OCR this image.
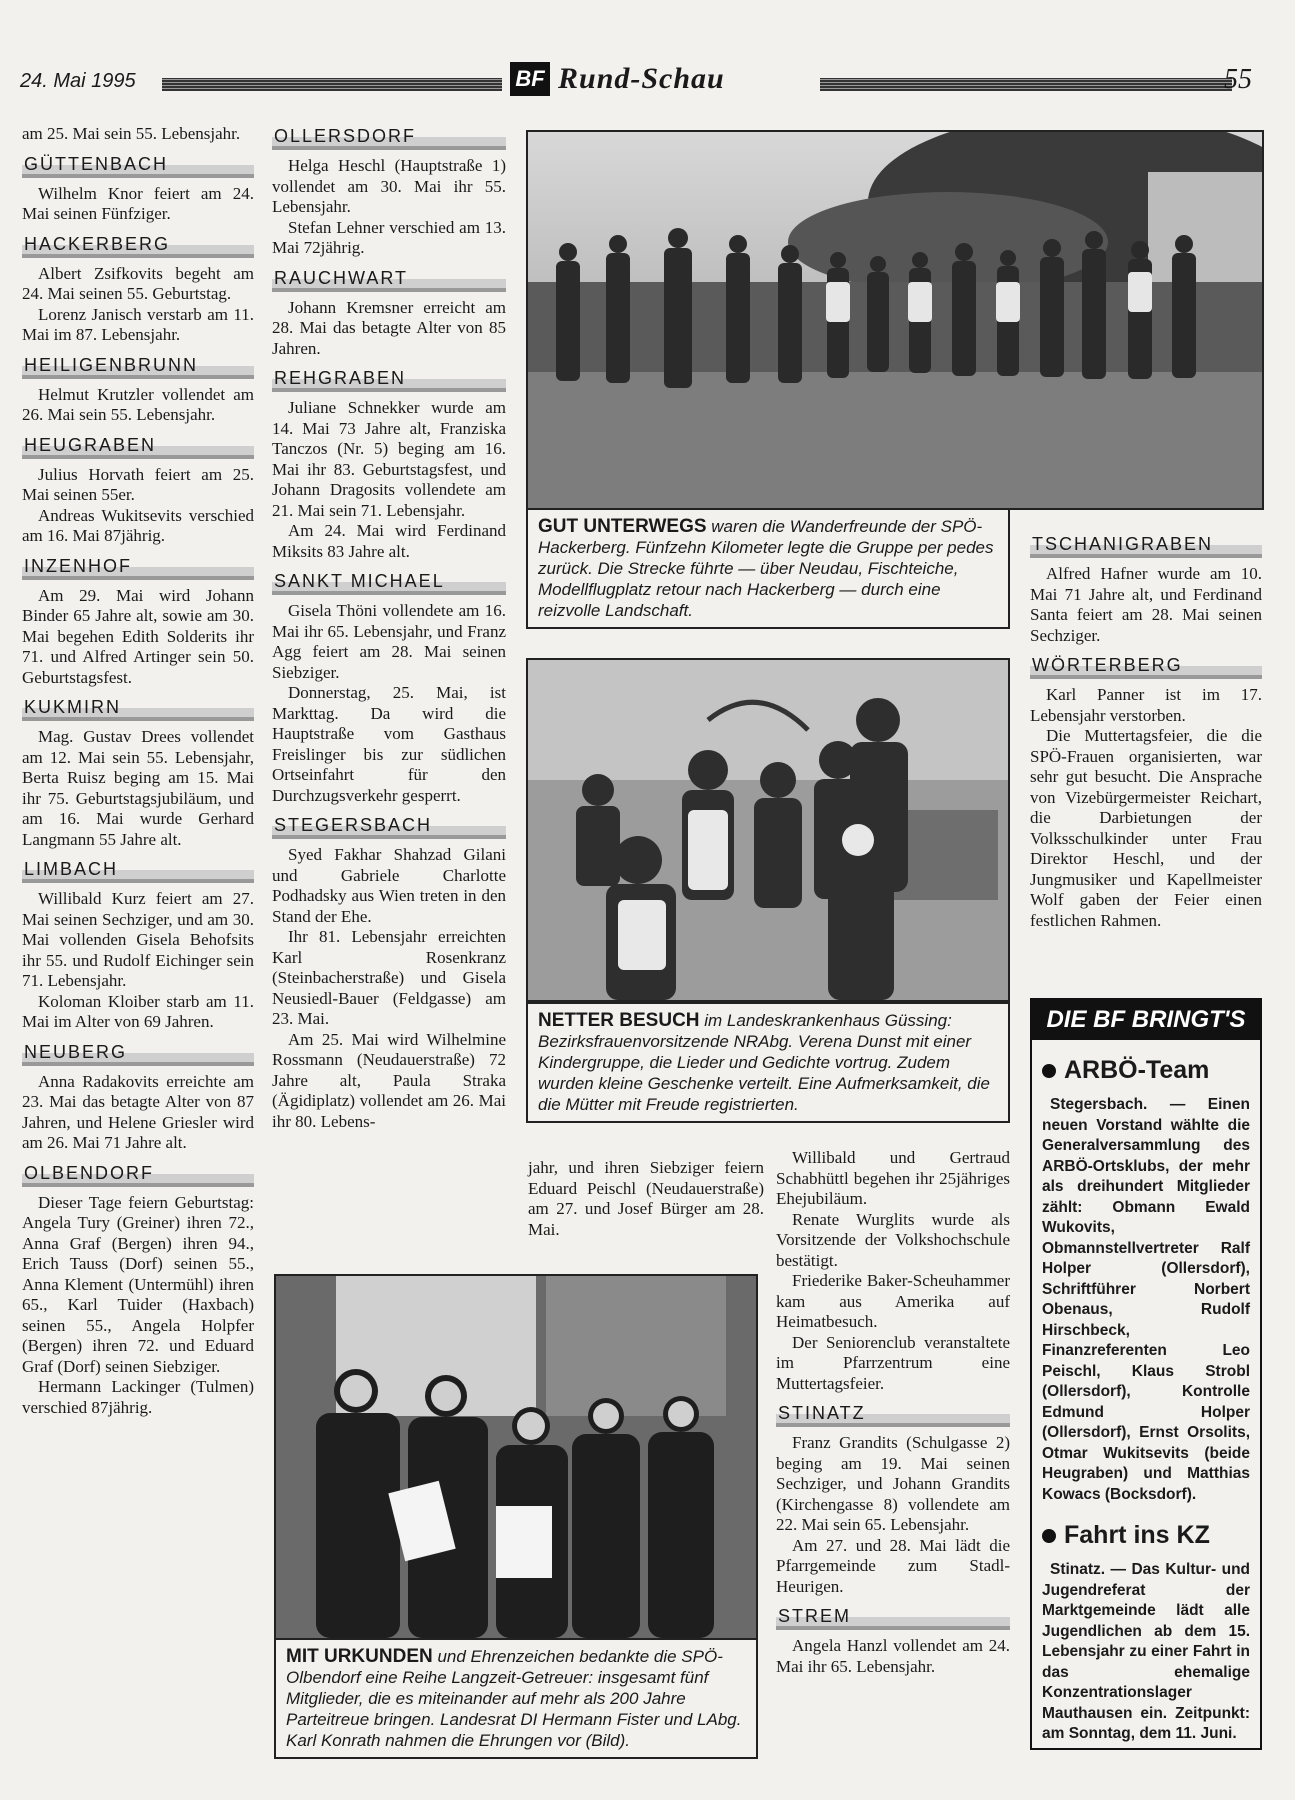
24. Mai 1995	BF Rund-Schau	55

am 25. Mai sein 55. Lebensjahr.

GÜTTENBACH

Wilhelm Knor feiert am 24. Mai seinen Fünfziger.

HACKERBERG

Albert Zsifkovits begeht am 24. Mai seinen 55. Geburtstag.

Lorenz Janisch verstarb am 11. Mai im 87. Lebensjahr.

HEILIGENBRUNN

Helmut Krutzler vollendet am 26. Mai sein 55. Lebensjahr.

HEUGRABEN

Julius Horvath feiert am 25. Mai seinen 55er.

Andreas Wukitsevits verschied am 16. Mai 87jährig.

INZENHOF

Am 29. Mai wird Johann Binder 65 Jahre alt, sowie am 30. Mai begehen Edith Solderits ihr 71. und Alfred Artinger sein 50. Geburtstagsfest.

KUKMIRN

Mag. Gustav Drees vollendet am 12. Mai sein 55. Lebensjahr, Berta Ruisz beging am 15. Mai ihr 75. Geburtstagsjubiläum, und am 16. Mai wurde Gerhard Langmann 55 Jahre alt.

LIMBACH

Willibald Kurz feiert am 27. Mai seinen Sechziger, und am 30. Mai vollenden Gisela Behofsits ihr 55. und Rudolf Eichinger sein 71. Lebensjahr.

Koloman Kloiber starb am 11. Mai im Alter von 69 Jahren.

NEUBERG

Anna Radakovits erreichte am 23. Mai das betagte Alter von 87 Jahren, und Helene Griesler wird am 26. Mai 71 Jahre alt.

OLBENDORF

Dieser Tage feiern Geburtstag: Angela Tury (Greiner) ihren 72., Anna Graf (Bergen) ihren 94., Erich Tauss (Dorf) seinen 55., Anna Klement (Untermühl) ihren 65., Karl Tuider (Haxbach) seinen 55., Angela Holpfer (Bergen) ihren 72. und Eduard Graf (Dorf) seinen Siebziger.

Hermann Lackinger (Tulmen) verschied 87jährig.

OLLERSDORF

Helga Heschl (Hauptstraße 1) vollendet am 30. Mai ihr 55. Lebensjahr.

Stefan Lehner verschied am 13. Mai 72jährig.

RAUCHWART

Johann Kremsner erreicht am 28. Mai das betagte Alter von 85 Jahren.

REHGRABEN

Juliane Schnekker wurde am 14. Mai 73 Jahre alt, Franziska Tanczos (Nr. 5) beging am 16. Mai ihr 83. Geburtstagsfest, und Johann Dragosits vollendete am 21. Mai sein 71. Lebensjahr.

Am 24. Mai wird Ferdinand Miksits 83 Jahre alt.

SANKT MICHAEL

Gisela Thöni vollendete am 16. Mai ihr 65. Lebensjahr, und Franz Agg feiert am 28. Mai seinen Siebziger.

Donnerstag, 25. Mai, ist Markttag. Da wird die Hauptstraße vom Gasthaus Freislinger bis zur südlichen Ortseinfahrt für den Durchzugsverkehr gesperrt.

STEGERSBACH

Syed Fakhar Shahzad Gilani und Gabriele Charlotte Podhadsky aus Wien treten in den Stand der Ehe.

Ihr 81. Lebensjahr erreichten Karl Rosenkranz (Steinbacherstraße) und Gisela Neusiedl-Bauer (Feldgasse) am 23. Mai.

Am 25. Mai wird Wilhelmine Rossmann (Neudauerstraße) 72 Jahre alt, Paula Straka (Ägidiplatz) vollendet am 26. Mai ihr 80. Lebens-

GUT UNTERWEGS waren die Wanderfreunde der SPÖ-Hackerberg. Fünfzehn Kilometer legte die Gruppe per pedes zurück. Die Strecke führte — über Neudau, Fischteiche, Modellflugplatz retour nach Hackerberg — durch eine reizvolle Landschaft.
NETTER BESUCH im Landeskrankenhaus Güssing: Bezirksfrauenvorsitzende NRAbg. Verena Dunst mit einer Kindergruppe, die Lieder und Gedichte vortrug. Zudem wurden kleine Geschenke verteilt. Eine Aufmerksamkeit, die die Mütter mit Freude registrierten.
TSCHANIGRABEN

Alfred Hafner wurde am 10. Mai 71 Jahre alt, und Ferdinand Santa feiert am 28. Mai seinen Sechziger.

WÖRTERBERG

Karl Panner ist im 17. Lebensjahr verstorben.

Die Muttertagsfeier, die die SPÖ-Frauen organisierten, war sehr gut besucht. Die Ansprache von Vizebürgermeister Reichart, die Darbietungen der Volksschulkinder unter Frau Direktor Heschl, und der Jungmusiker und Kapellmeister Wolf gaben der Feier einen festlichen Rahmen.

DIE BF BRINGT'S
ARBÖ-Team

Stegersbach. — Einen neuen Vorstand wählte die Generalversammlung des ARBÖ-Ortsklubs, der mehr als dreihundert Mitglieder zählt: Obmann Ewald Wukovits, Obmannstellvertreter Ralf Holper (Ollersdorf), Schriftführer Norbert Obenaus, Rudolf Hirschbeck, Finanzreferenten Leo Peischl, Klaus Strobl (Ollersdorf), Kontrolle Edmund Holper (Ollersdorf), Ernst Orsolits, Otmar Wukitsevits (beide Heugraben) und Matthias Kowacs (Bocksdorf).

Fahrt ins KZ

Stinatz. — Das Kultur- und Jugendreferat der Marktgemeinde lädt alle Jugendlichen ab dem 15. Lebensjahr zu einer Fahrt in das ehemalige Konzentrationslager Mauthausen ein. Zeitpunkt: am Sonntag, dem 11. Juni.

jahr, und ihren Siebziger feiern Eduard Peischl (Neudauerstraße) am 27. und Josef Bürger am 28. Mai.

Willibald und Gertraud Schabhüttl begehen ihr 25jähriges Ehejubiläum.

Renate Wurglits wurde als Vorsitzende der Volkshochschule bestätigt.

Friederike Baker-Scheuhammer kam aus Amerika auf Heimatbesuch.

Der Seniorenclub veranstaltete im Pfarrzentrum eine Muttertagsfeier.

STINATZ

Franz Grandits (Schulgasse 2) beging am 19. Mai seinen Sechziger, und Johann Grandits (Kirchengasse 8) vollendete am 22. Mai sein 65. Lebensjahr.

Am 27. und 28. Mai lädt die Pfarrgemeinde zum Stadl-Heurigen.

STREM

Angela Hanzl vollendet am 24. Mai ihr 65. Lebensjahr.

MIT URKUNDEN und Ehrenzeichen bedankte die SPÖ-Olbendorf eine Reihe Langzeit-Getreuer: insgesamt fünf Mitglieder, die es miteinander auf mehr als 200 Jahre Parteitreue bringen. Landesrat DI Hermann Fister und LAbg. Karl Konrath nahmen die Ehrungen vor (Bild).
